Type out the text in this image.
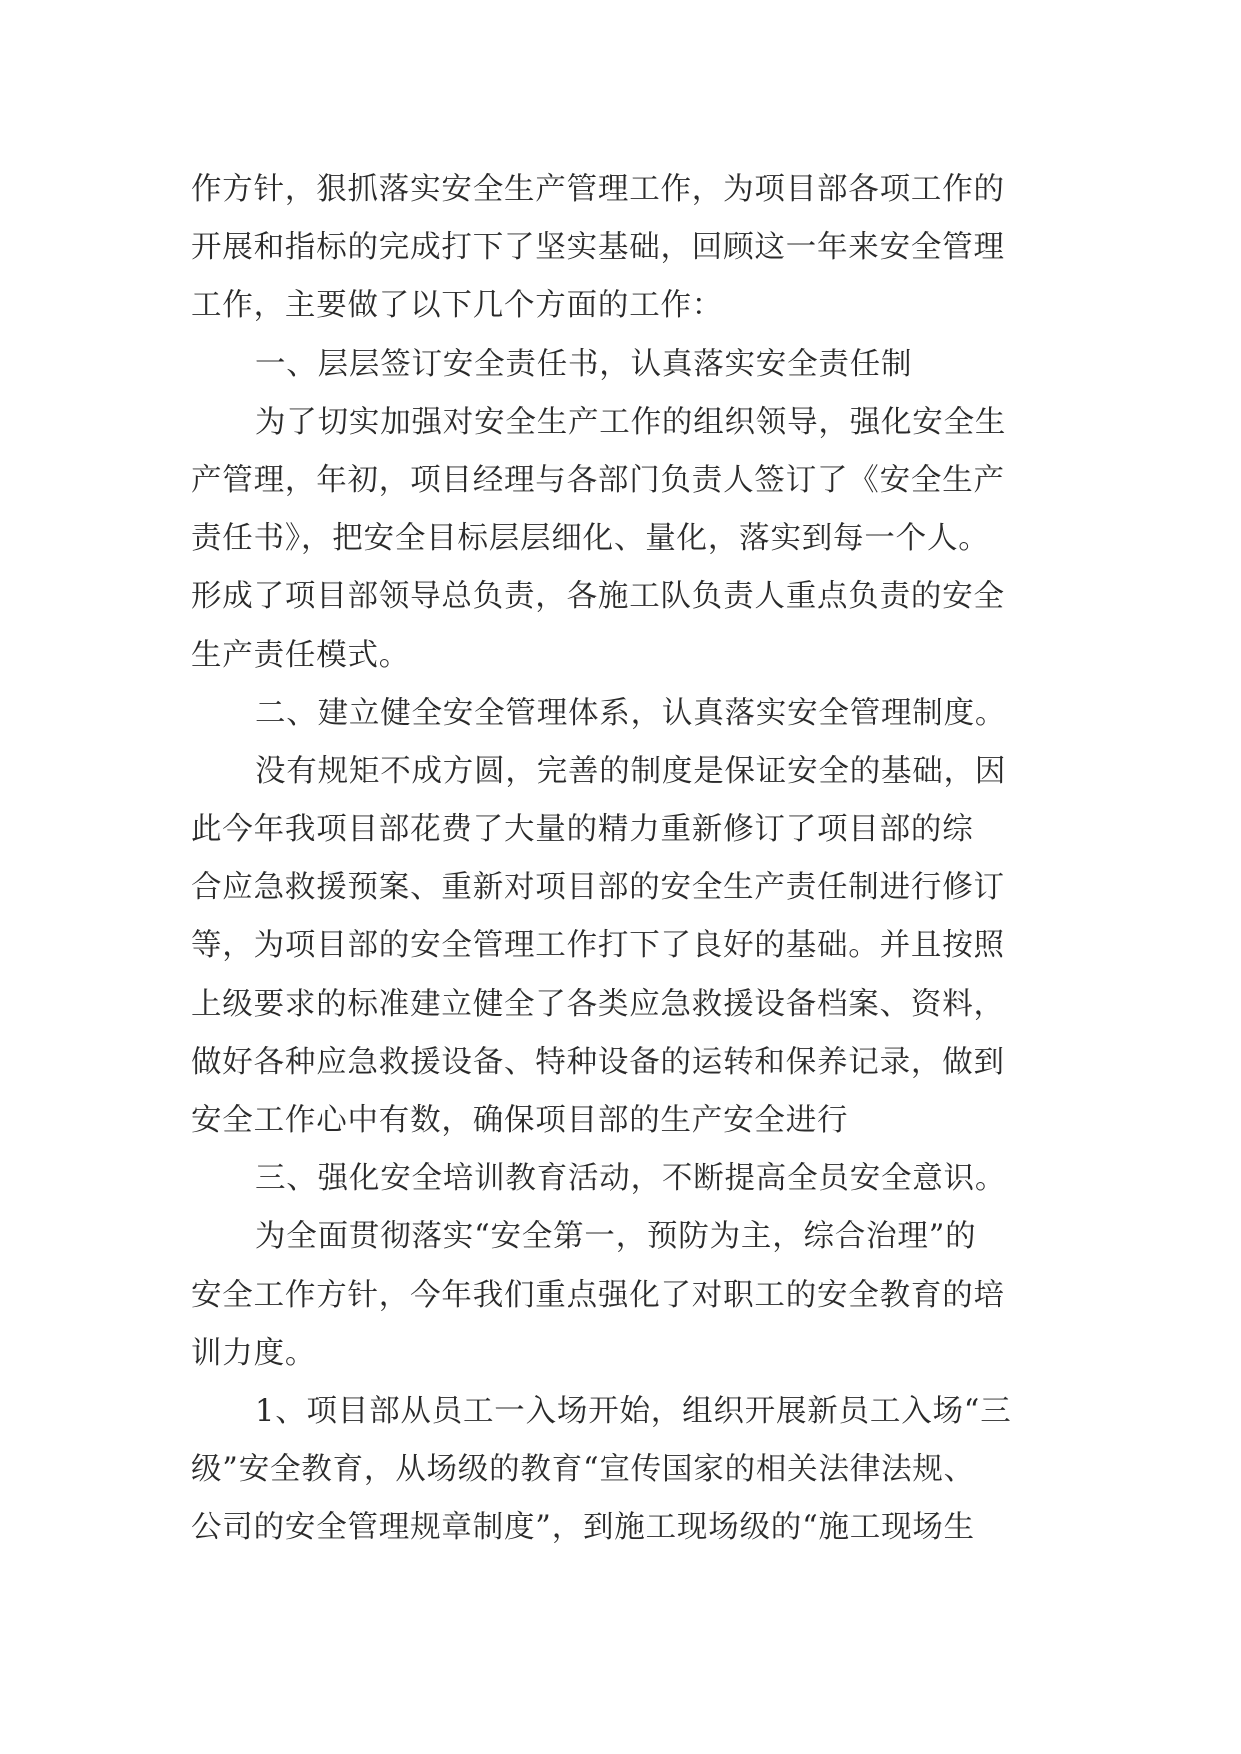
作方针，狠抓落实安全生产管理工作，为项目部各项工作的
开展和指标的完成打下了坚实基础，回顾这一年来安全管理
工作，主要做了以下几个方面的工作：
一、层层签订安全责任书，认真落实安全责任制
为了切实加强对安全生产工作的组织领导，强化安全生
产管理，年初，项目经理与各部门负责人签订了《安全生产
责任书》，把安全目标层层细化、量化，落实到每一个人。
形成了项目部领导总负责，各施工队负责人重点负责的安全
生产责任模式。
二、建立健全安全管理体系，认真落实安全管理制度。
没有规矩不成方圆，完善的制度是保证安全的基础，因
此今年我项目部花费了大量的精力重新修订了项目部的综
合应急救援预案、重新对项目部的安全生产责任制进行修订
等，为项目部的安全管理工作打下了良好的基础。并且按照
上级要求的标准建立健全了各类应急救援设备档案、资料，
做好各种应急救援设备、特种设备的运转和保养记录，做到
安全工作心中有数，确保项目部的生产安全进行
三、强化安全培训教育活动，不断提高全员安全意识。
为全面贯彻落实“安全第一，预防为主，综合治理”的
安全工作方针，今年我们重点强化了对职工的安全教育的培
训力度。
1、项目部从员工一入场开始，组织开展新员工入场“三
级”安全教育，从场级的教育“宣传国家的相关法律法规、
公司的安全管理规章制度”，到施工现场级的“施工现场生
